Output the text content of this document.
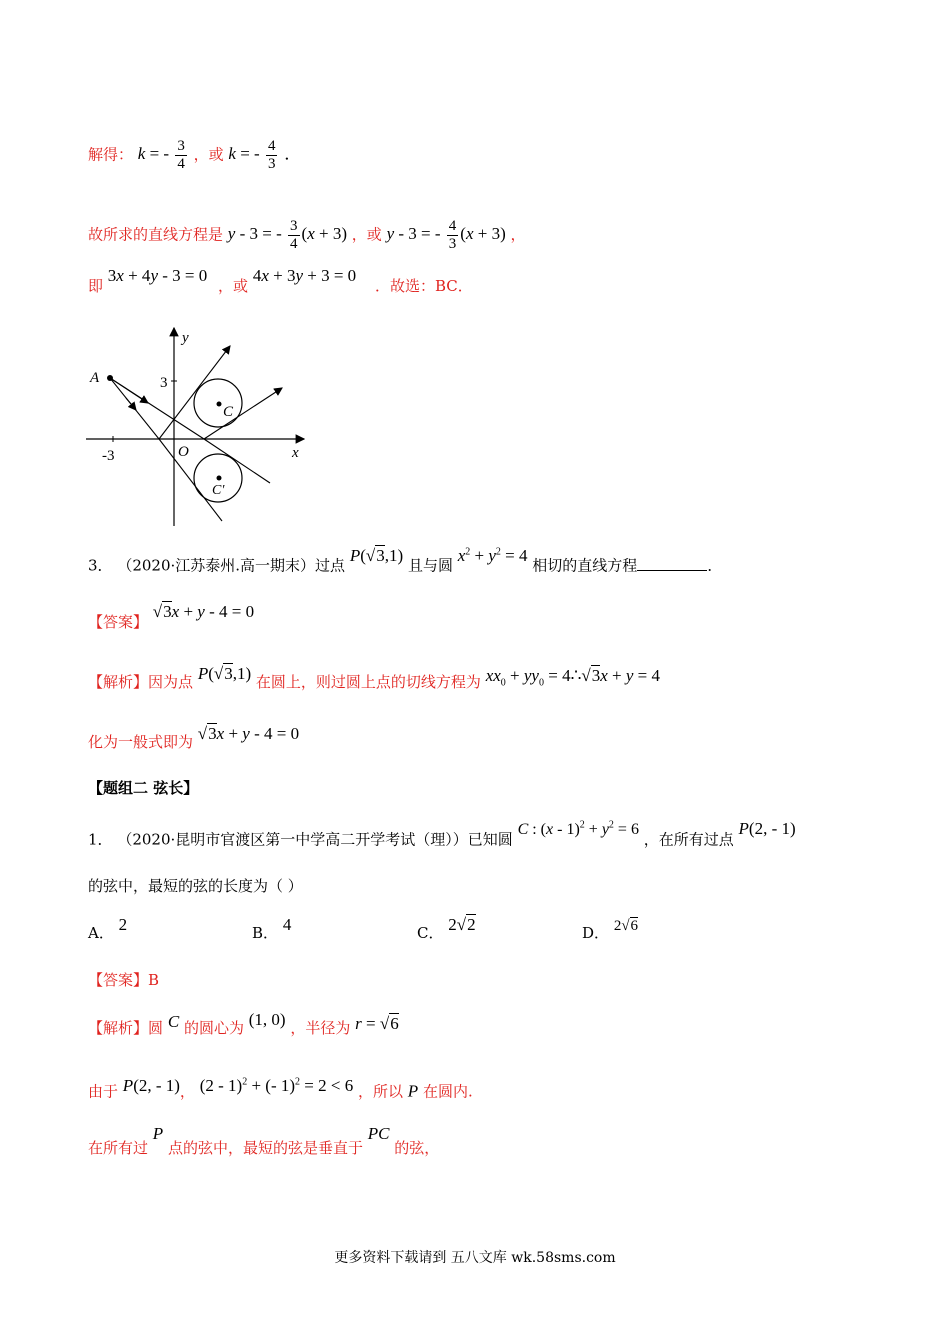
解得： k = - $\frac{3}{4}$ ，或 k = - $\frac{4}{3}$ ．
故所求的直线方程是 y - 3 = - $\frac{3}{4} (x + 3)$ ，或 y - 3 = - $\frac{4}{3} (x + 3)$ ，
即 3x + 4y - 3 = 0 ，或 4x + 3y + 3 = 0 ．故选：BC．
y
x
A
O
C
C′
3
-3
3． （2020·江苏泰州.高一期末）过点 P(√3,1) 且与圆 $x^2 + y^2 = 4$ 相切的直线方程	．
【答案】 √3x + y - 4 = 0
【解析】因为点 P(√3,1) 在圆上，则过圆上点的切线方程为 $xx_0 + yy_0$ = 4∴√3x + y = 4
化为一般式即为 √3x + y - 4 = 0
【题组二 弦长】
1． （2020·昆明市官渡区第一中学高二开学考试（理））已知圆 C : $(x - 1)^2 + y^2 = 6$ ，在所有过点 P(2, - 1)
的弦中，最短的弦的长度为（ ）
A． 2	B． 4	C． 2√2	D． 2√6
【答案】B
【解析】圆 C 的圆心为 (1, 0) ，半径为 r = √6
由于 P(2, - 1)， (2 - 1)$^2$ + (- 1)$^2$ = 2 < 6 ，所以 P 在圆内.
在所有过 P 点的弦中，最短的弦是垂直于 PC 的弦，
更多资料下载请到 五八文库 wk.58sms.com
